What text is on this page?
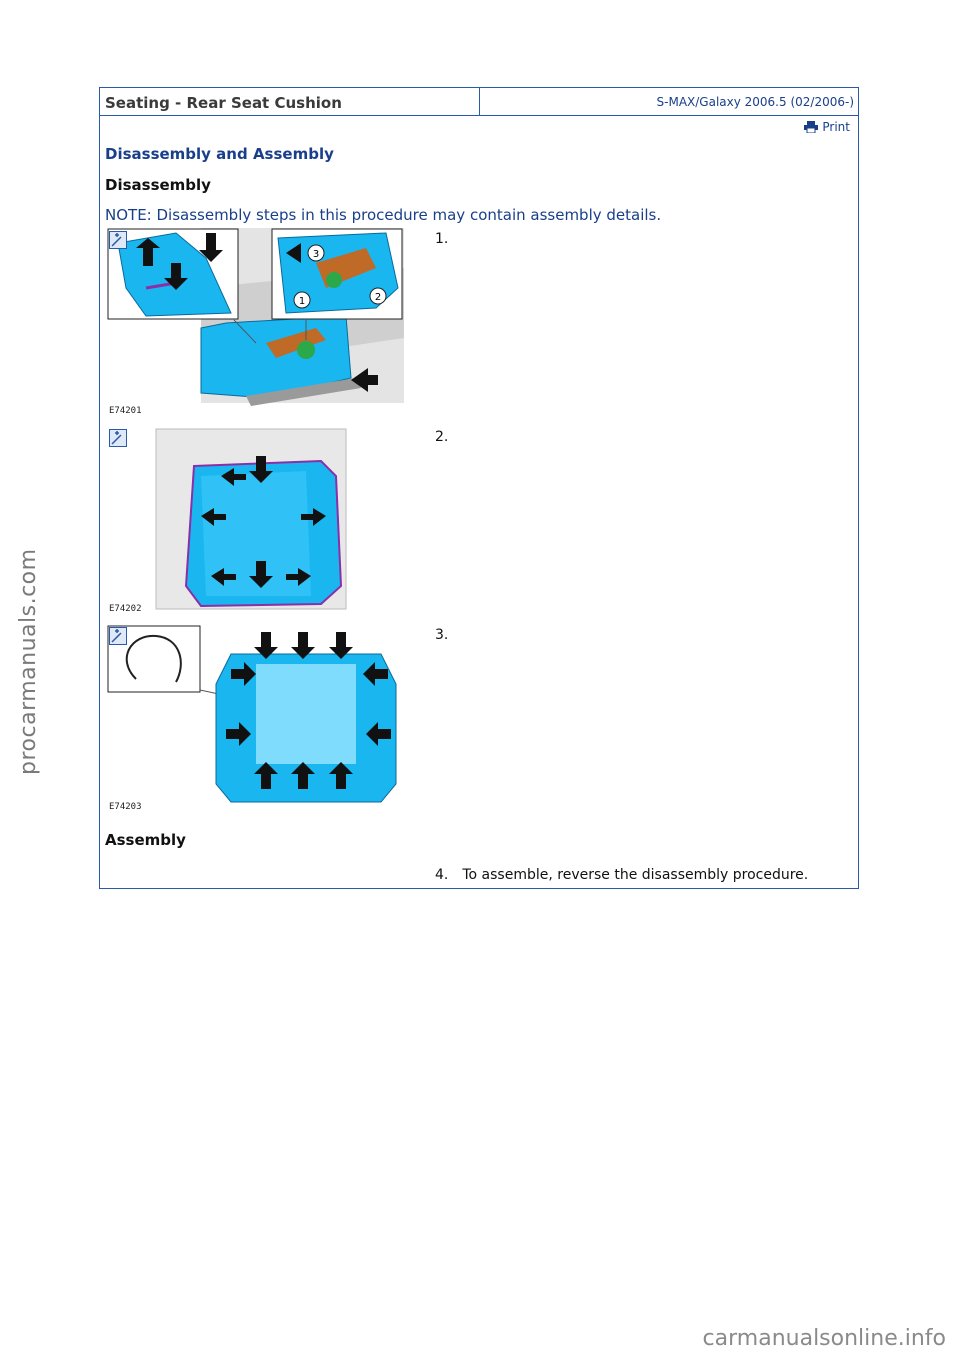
Seating - Rear Seat Cushion	S-MAX/Galaxy 2006.5 (02/2006-)
Print
Disassembly and Assembly
Disassembly
NOTE: Disassembly steps in this procedure may contain assembly details.
3
1	2
E74201
1.
E74202
2.
E74203
3.
Assembly
4. To assemble, reverse the disassembly procedure.
procarmanuals.com
carmanualsonline.info
